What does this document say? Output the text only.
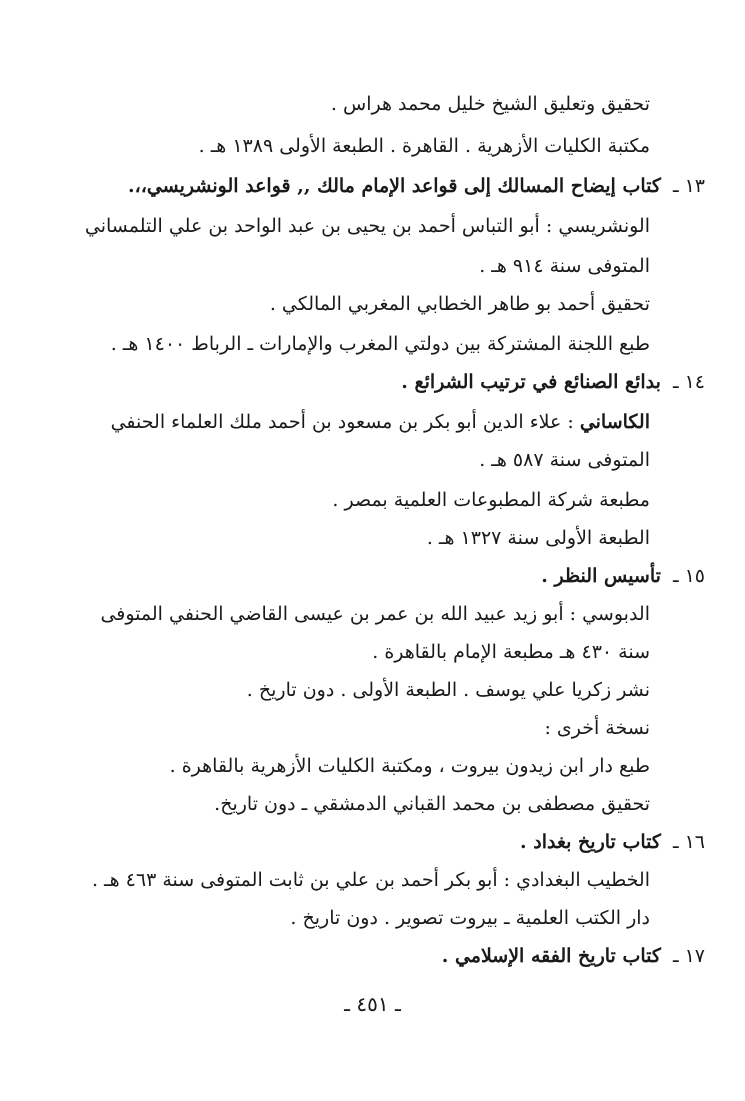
تحقيق وتعليق الشيخ خليل محمد هراس .
مكتبة الكليات الأزهرية . القاهرة . الطبعة الأولى ١٣٨٩ هـ .
١٣ ـ كتاب إيضاح المسالك إلى قواعد الإمام مالك ,, قواعد الونشريسي،،.
الونشريسي : أبو التباس أحمد بن يحيى بن عبد الواحد بن علي التلمساني
المتوفى سنة ٩١٤ هـ .
تحقيق أحمد بو طاهر الخطابي المغربي المالكي .
طبع اللجنة المشتركة بين دولتي المغرب والإمارات ـ الرباط ١٤٠٠ هـ .
١٤ ـ بدائع الصنائع في ترتيب الشرائع .
الكاساني : علاء الدين أبو بكر بن مسعود بن أحمد ملك العلماء الحنفي
المتوفى سنة ٥٨٧ هـ .
مطبعة شركة المطبوعات العلمية بمصر .
الطبعة الأولى سنة ١٣٢٧ هـ .
١٥ ـ تأسيس النظر .
الدبوسي : أبو زيد عبيد الله بن عمر بن عيسى القاضي الحنفي المتوفى
سنة ٤٣٠ هـ مطبعة الإمام بالقاهرة .
نشر زكريا علي يوسف . الطبعة الأولى . دون تاريخ .
نسخة أخرى :
طبع دار ابن زيدون بيروت ، ومكتبة الكليات الأزهرية بالقاهرة .
تحقيق مصطفى بن محمد القباني الدمشقي ـ دون تاريخ.
١٦ ـ كتاب تاريخ بغداد .
الخطيب البغدادي : أبو بكر أحمد بن علي بن ثابت المتوفى سنة ٤٦٣ هـ .
دار الكتب العلمية ـ بيروت تصوير . دون تاريخ .
١٧ ـ كتاب تاريخ الفقه الإسلامي .
ـ ٤٥١ ـ
